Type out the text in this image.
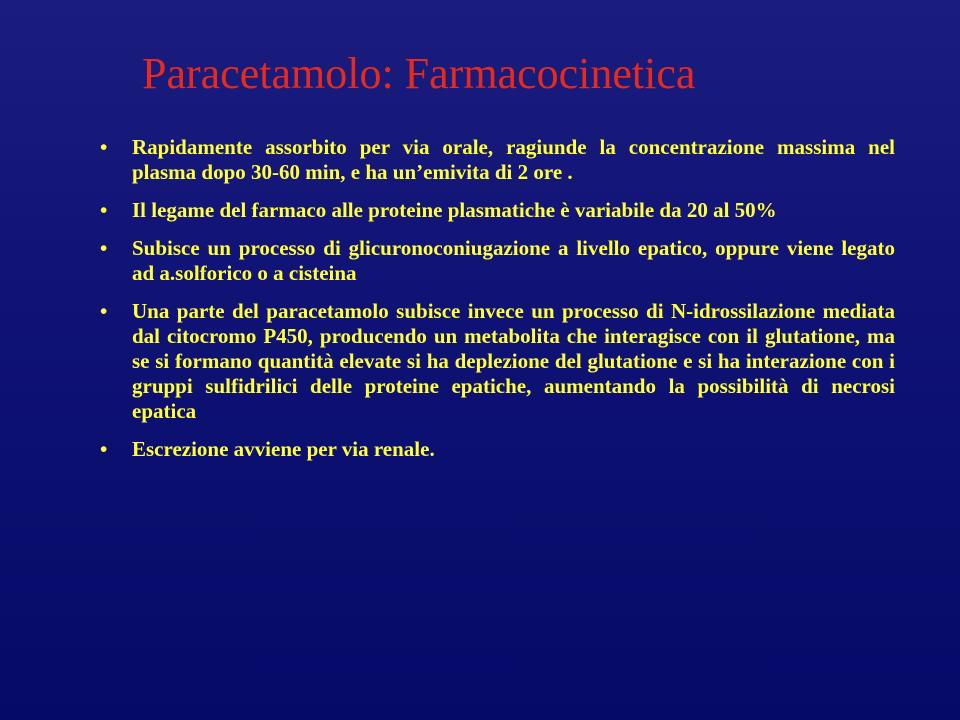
Paracetamolo: Farmacocinetica
•	Rapidamente assorbito per via orale, ragiunde la concentrazione massima nel plasma dopo 30-60 min, e ha un’emivita di 2 ore .
•	Il legame del farmaco alle proteine plasmatiche è variabile da 20 al 50%
•	Subisce un processo di glicuronoconiugazione a livello epatico, oppure viene legato ad a.solforico o a cisteina
•	Una parte del paracetamolo subisce invece un processo di N-idrossilazione mediata dal citocromo P450, producendo un metabolita che interagisce con il glutatione, ma se si formano quantità elevate si ha deplezione del glutatione e si ha interazione con i gruppi sulfidrilici delle proteine epatiche, aumentando la possibilità di necrosi epatica
•	Escrezione avviene per via renale.
